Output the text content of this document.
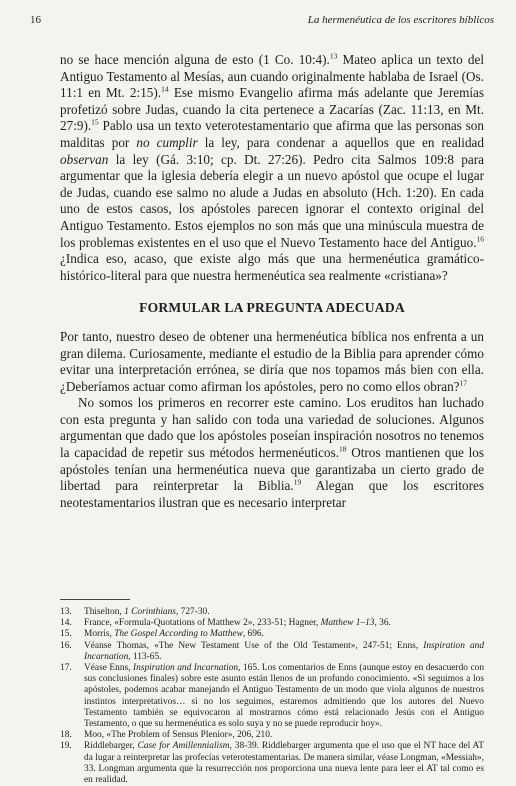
16	La hermenéutica de los escritores bíblicos

no se hace mención alguna de esto (1 Co. 10:4).$^{13}$ Mateo aplica un texto del Antiguo Testamento al Mesías, aun cuando originalmente hablaba de Israel (Os. 11:1 en Mt. 2:15).$^{14}$ Ese mismo Evangelio afirma más adelante que Jeremías profetizó sobre Judas, cuando la cita pertenece a Zacarías (Zac. 11:13, en Mt. 27:9).$^{15}$ Pablo usa un texto veterotestamentario que afirma que las personas son malditas por no cumplir la ley, para condenar a aquellos que en realidad observan la ley (Gá. 3:10; cp. Dt. 27:26). Pedro cita Salmos 109:8 para argumentar que la iglesia debería elegir a un nuevo apóstol que ocupe el lugar de Judas, cuando ese salmo no alude a Judas en absoluto (Hch. 1:20). En cada uno de estos casos, los apóstoles parecen ignorar el contexto original del Antiguo Testamento. Estos ejemplos no son más que una minúscula muestra de los problemas existentes en el uso que el Nuevo Testamento hace del Antiguo.$^{16}$ ¿Indica eso, acaso, que existe algo más que una hermenéutica gramático-histórico-literal para que nuestra hermenéutica sea realmente «cristiana»?

FORMULAR LA PREGUNTA ADECUADA

Por tanto, nuestro deseo de obtener una hermenéutica bíblica nos enfrenta a un gran dilema. Curiosamente, mediante el estudio de la Biblia para aprender cómo evitar una interpretación errónea, se diría que nos topamos más bien con ella. ¿Deberíamos actuar como afirman los apóstoles, pero no como ellos obran?$^{17}$

No somos los primeros en recorrer este camino. Los eruditos han luchado con esta pregunta y han salido con toda una variedad de soluciones. Algunos argumentan que dado que los apóstoles poseían inspiración nosotros no tenemos la capacidad de repetir sus métodos hermenéuticos.$^{18}$ Otros mantienen que los apóstoles tenían una hermenéutica nueva que garantizaba un cierto grado de libertad para reinterpretar la Biblia.$^{19}$ Alegan que los escritores neotestamentarios ilustran que es necesario interpretar

13.	Thiselton, 1 Corinthians, 727-30.
14.	France, «Formula-Quotations of Matthew 2», 233-51; Hagner, Matthew 1–13, 36.
15.	Morris, The Gospel According to Matthew, 696.
16.	Véanse Thomas, «The New Testament Use of the Old Testament», 247-51; Enns, Inspiration and Incarnation, 113-65.
17.	Véase Enns, Inspiration and Incarnation, 165. Los comentarios de Enns (aunque estoy en desacuerdo con sus conclusiones finales) sobre este asunto están llenos de un profundo conocimiento. «Si seguimos a los apóstoles, podemos acabar manejando el Antiguo Testamento de un modo que viola algunos de nuestros instintos interpretativos… si no los seguimos, estaremos admitiendo que los autores del Nuevo Testamento también se equivocaron al mostrarnos cómo está relacionado Jesús con el Antiguo Testamento, o que su hermenéutica es solo suya y no se puede reproducir hoy».
18.	Moo, «The Problem of Sensus Plenior», 206, 210.
19.	Riddlebarger, Case for Amillennialism, 38-39. Riddlebarger argumenta que el uso que el NT hace del AT da lugar a reinterpretar las profecías veterotestamentarias. De manera similar, véase Longman, «Messiah», 33. Longman argumenta que la resurrección nos proporciona una nueva lente para leer el AT tal como es en realidad.
